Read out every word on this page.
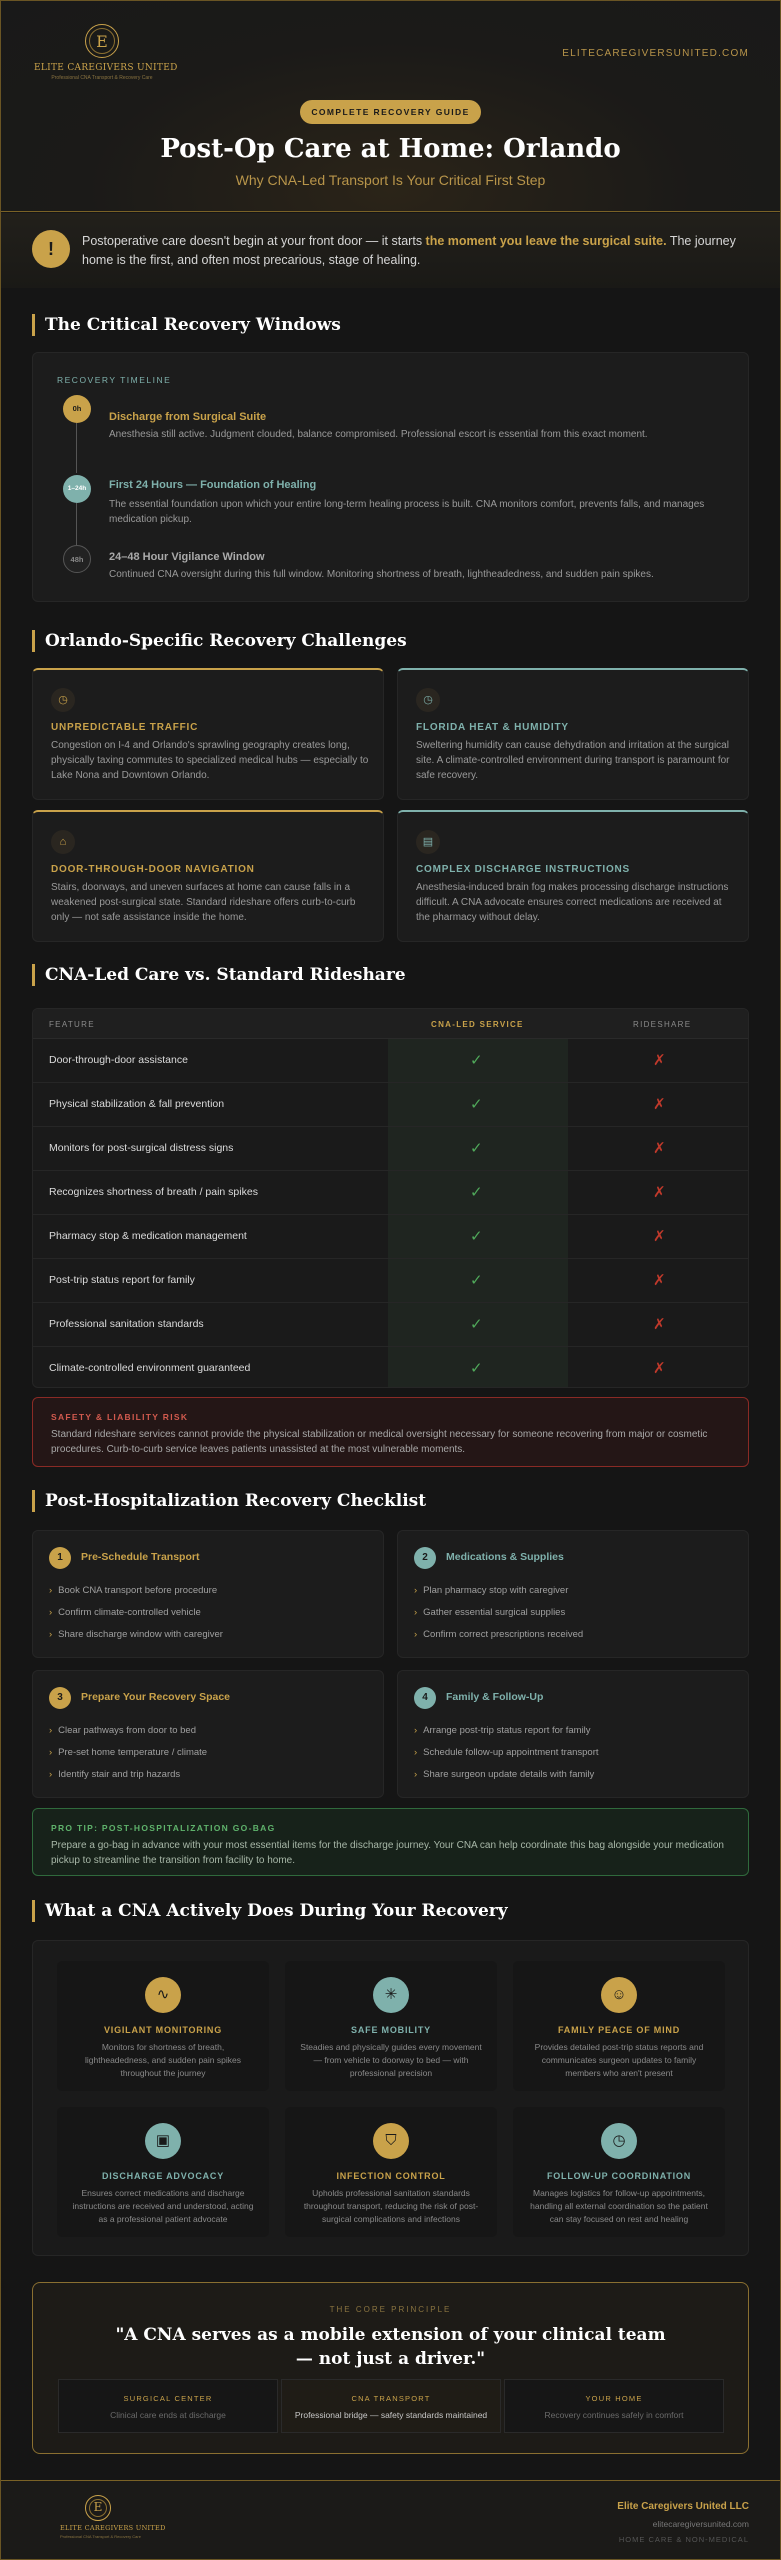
E
ELITE CAREGIVERS UNITED
Professional CNA Transport & Recovery Care
ELITECAREGIVERSUNITED.COM
COMPLETE RECOVERY GUIDE
Post-Op Care at Home: Orlando
Why CNA-Led Transport Is Your Critical First Step
!	Postoperative care doesn't begin at your front door — it starts the moment you leave the surgical suite. The journey home is the first, and often most precarious, stage of healing.
The Critical Recovery Windows
RECOVERY TIMELINE
0h
Discharge from Surgical Suite
Anesthesia still active. Judgment clouded, balance compromised. Professional escort is essential from this exact moment.
1–24h	First 24 Hours — Foundation of Healing
The essential foundation upon which your entire long-term healing process is built. CNA monitors comfort, prevents falls, and manages medication pickup.
48h	24–48 Hour Vigilance Window
Continued CNA oversight during this full window. Monitoring shortness of breath, lightheadedness, and sudden pain spikes.
Orlando-Specific Recovery Challenges
◷
UNPREDICTABLE TRAFFIC
Congestion on I-4 and Orlando's sprawling geography creates long, physically taxing commutes to specialized medical hubs — especially to Lake Nona and Downtown Orlando.
◷
FLORIDA HEAT & HUMIDITY
Sweltering humidity can cause dehydration and irritation at the surgical site. A climate-controlled environment during transport is paramount for safe recovery.
⌂
DOOR-THROUGH-DOOR NAVIGATION
Stairs, doorways, and uneven surfaces at home can cause falls in a weakened post-surgical state. Standard rideshare offers curb-to-curb only — not safe assistance inside the home.
▤
COMPLEX DISCHARGE INSTRUCTIONS
Anesthesia-induced brain fog makes processing discharge instructions difficult. A CNA advocate ensures correct medications are received at the pharmacy without delay.
CNA-Led Care vs. Standard Rideshare
FEATURE	CNA-LED SERVICE	RIDESHARE
Door-through-door assistance	✓	✗
Physical stabilization & fall prevention	✓	✗
Monitors for post-surgical distress signs	✓	✗
Recognizes shortness of breath / pain spikes	✓	✗
Pharmacy stop & medication management	✓	✗
Post-trip status report for family	✓	✗
Professional sanitation standards	✓	✗
Climate-controlled environment guaranteed	✓	✗
SAFETY & LIABILITY RISK
Standard rideshare services cannot provide the physical stabilization or medical oversight necessary for someone recovering from major or cosmetic procedures. Curb-to-curb service leaves patients unassisted at the most vulnerable moments.
Post-Hospitalization Recovery Checklist
1	Pre-Schedule Transport
› Book CNA transport before procedure
› Confirm climate-controlled vehicle
› Share discharge window with caregiver
2	Medications & Supplies
› Plan pharmacy stop with caregiver
› Gather essential surgical supplies
› Confirm correct prescriptions received
3	Prepare Your Recovery Space
› Clear pathways from door to bed
› Pre-set home temperature / climate
› Identify stair and trip hazards
4	Family & Follow-Up
› Arrange post-trip status report for family
› Schedule follow-up appointment transport
› Share surgeon update details with family
PRO TIP: POST-HOSPITALIZATION GO-BAG
Prepare a go-bag in advance with your most essential items for the discharge journey. Your CNA can help coordinate this bag alongside your medication pickup to streamline the transition from facility to home.
What a CNA Actively Does During Your Recovery
∿
VIGILANT MONITORING
Monitors for shortness of breath, lightheadedness, and sudden pain spikes throughout the journey
✳
SAFE MOBILITY
Steadies and physically guides every movement — from vehicle to doorway to bed — with professional precision
☺
FAMILY PEACE OF MIND
Provides detailed post-trip status reports and communicates surgeon updates to family members who aren't present
▣
DISCHARGE ADVOCACY
Ensures correct medications and discharge instructions are received and understood, acting as a professional patient advocate
⛉
INFECTION CONTROL
Upholds professional sanitation standards throughout transport, reducing the risk of post-surgical complications and infections
◷
FOLLOW-UP COORDINATION
Manages logistics for follow-up appointments, handling all external coordination so the patient can stay focused on rest and healing
THE CORE PRINCIPLE
"A CNA serves as a mobile extension of your clinical team — not just a driver."
SURGICAL CENTER
Clinical care ends at discharge
CNA TRANSPORT
Professional bridge — safety standards maintained
YOUR HOME
Recovery continues safely in comfort
E
ELITE CAREGIVERS UNITED
Professional CNA Transport & Recovery Care
Elite Caregivers United LLC
elitecaregiversunited.com
HOME CARE & NON-MEDICAL
